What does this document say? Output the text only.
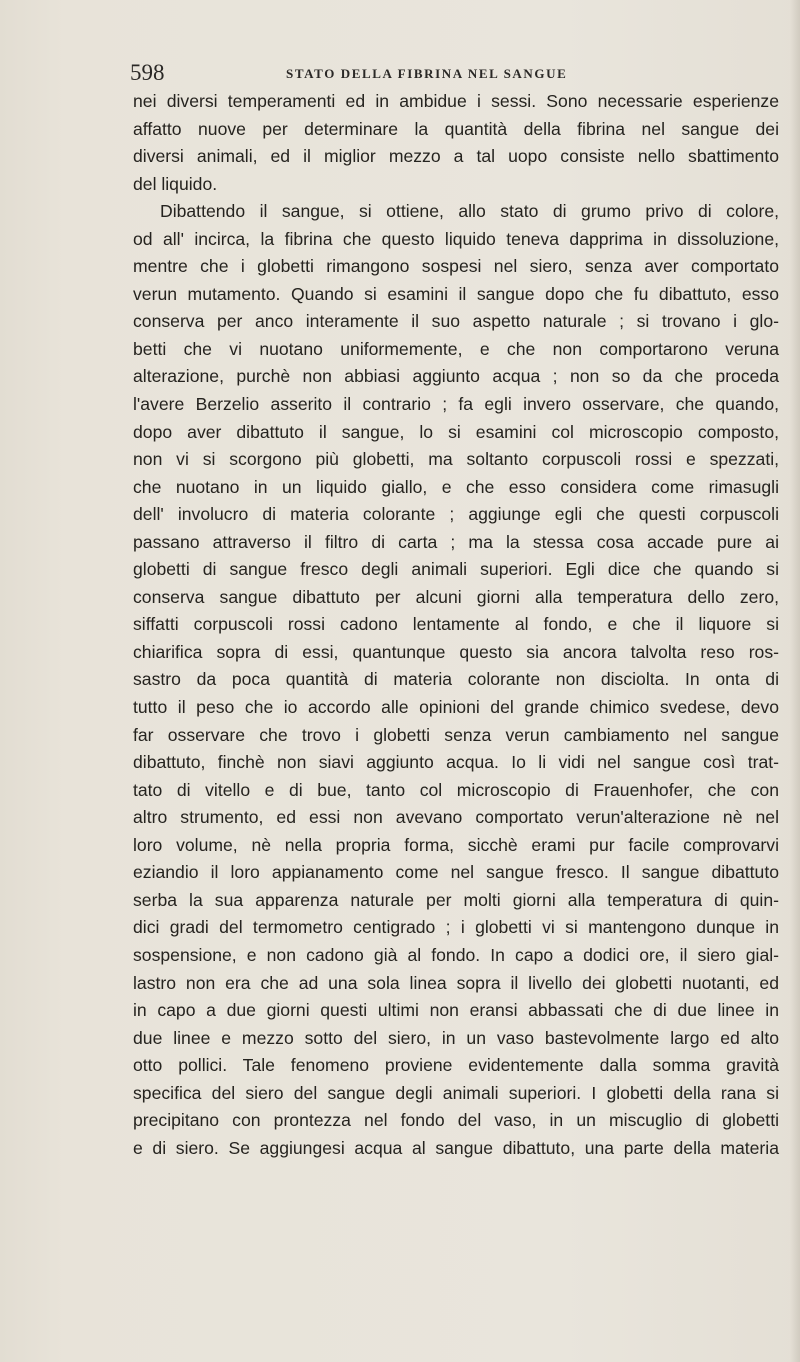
598	STATO DELLA FIBRINA NEL SANGUE
nei diversi temperamenti ed in ambidue i sessi. Sono necessarie esperienze
affatto nuove per determinare la quantità della fibrina nel sangue dei
diversi animali, ed il miglior mezzo a tal uopo consiste nello sbattimento
del liquido.
Dibattendo il sangue, si ottiene, allo stato di grumo privo di colore,
od all' incirca, la fibrina che questo liquido teneva dapprima in dissoluzione,
mentre che i globetti rimangono sospesi nel siero, senza aver comportato
verun mutamento. Quando si esamini il sangue dopo che fu dibattuto, esso
conserva per anco interamente il suo aspetto naturale ; si trovano i glo-
betti che vi nuotano uniformemente, e che non comportarono veruna
alterazione, purchè non abbiasi aggiunto acqua ; non so da che proceda
l'avere Berzelio asserito il contrario ; fa egli invero osservare, che quando,
dopo aver dibattuto il sangue, lo si esamini col microscopio composto,
non vi si scorgono più globetti, ma soltanto corpuscoli rossi e spezzati,
che nuotano in un liquido giallo, e che esso considera come rimasugli
dell' involucro di materia colorante ; aggiunge egli che questi corpuscoli
passano attraverso il filtro di carta ; ma la stessa cosa accade pure ai
globetti di sangue fresco degli animali superiori. Egli dice che quando si
conserva sangue dibattuto per alcuni giorni alla temperatura dello zero,
siffatti corpuscoli rossi cadono lentamente al fondo, e che il liquore si
chiarifica sopra di essi, quantunque questo sia ancora talvolta reso ros-
sastro da poca quantità di materia colorante non disciolta. In onta di
tutto il peso che io accordo alle opinioni del grande chimico svedese, devo
far osservare che trovo i globetti senza verun cambiamento nel sangue
dibattuto, finchè non siavi aggiunto acqua. Io li vidi nel sangue così trat-
tato di vitello e di bue, tanto col microscopio di Frauenhofer, che con
altro strumento, ed essi non avevano comportato verun'alterazione nè nel
loro volume, nè nella propria forma, sicchè erami pur facile comprovarvi
eziandio il loro appianamento come nel sangue fresco. Il sangue dibattuto
serba la sua apparenza naturale per molti giorni alla temperatura di quin-
dici gradi del termometro centigrado ; i globetti vi si mantengono dunque in
sospensione, e non cadono già al fondo. In capo a dodici ore, il siero gial-
lastro non era che ad una sola linea sopra il livello dei globetti nuotanti, ed
in capo a due giorni questi ultimi non eransi abbassati che di due linee in
due linee e mezzo sotto del siero, in un vaso bastevolmente largo ed alto
otto pollici. Tale fenomeno proviene evidentemente dalla somma gravità
specifica del siero del sangue degli animali superiori. I globetti della rana si
precipitano con prontezza nel fondo del vaso, in un miscuglio di globetti
e di siero. Se aggiungesi acqua al sangue dibattuto, una parte della materia
